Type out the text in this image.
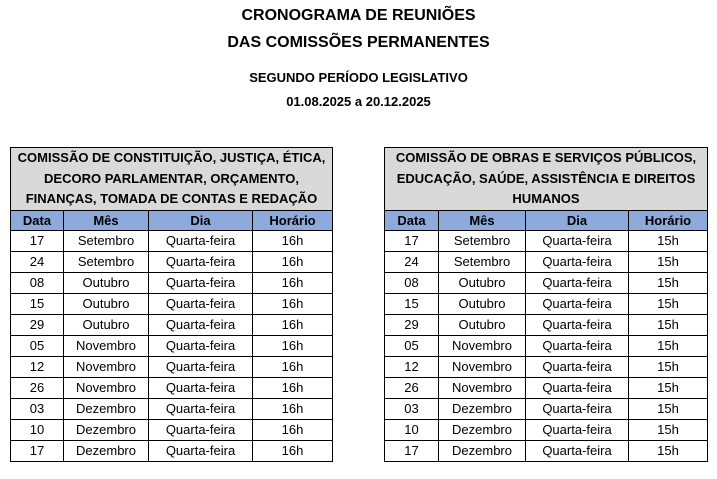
CRONOGRAMA DE REUNIÕES
DAS COMISSÕES PERMANENTES
SEGUNDO PERÍODO LEGISLATIVO
01.08.2025 a 20.12.2025
COMISSÃO DE CONSTITUIÇÃO, JUSTIÇA, ÉTICA, DECORO PARLAMENTAR, ORÇAMENTO, FINANÇAS, TOMADA DE CONTAS E REDAÇÃO			
Data	Mês	Dia	Horário
17	Setembro	Quarta-feira	16h
24	Setembro	Quarta-feira	16h
08	Outubro	Quarta-feira	16h
15	Outubro	Quarta-feira	16h
29	Outubro	Quarta-feira	16h
05	Novembro	Quarta-feira	16h
12	Novembro	Quarta-feira	16h
26	Novembro	Quarta-feira	16h
03	Dezembro	Quarta-feira	16h
10	Dezembro	Quarta-feira	16h
17	Dezembro	Quarta-feira	16h
COMISSÃO DE OBRAS E SERVIÇOS PÚBLICOS, EDUCAÇÃO, SAÚDE, ASSISTÊNCIA E DIREITOS HUMANOS			
Data	Mês	Dia	Horário
17	Setembro	Quarta-feira	15h
24	Setembro	Quarta-feira	15h
08	Outubro	Quarta-feira	15h
15	Outubro	Quarta-feira	15h
29	Outubro	Quarta-feira	15h
05	Novembro	Quarta-feira	15h
12	Novembro	Quarta-feira	15h
26	Novembro	Quarta-feira	15h
03	Dezembro	Quarta-feira	15h
10	Dezembro	Quarta-feira	15h
17	Dezembro	Quarta-feira	15h
